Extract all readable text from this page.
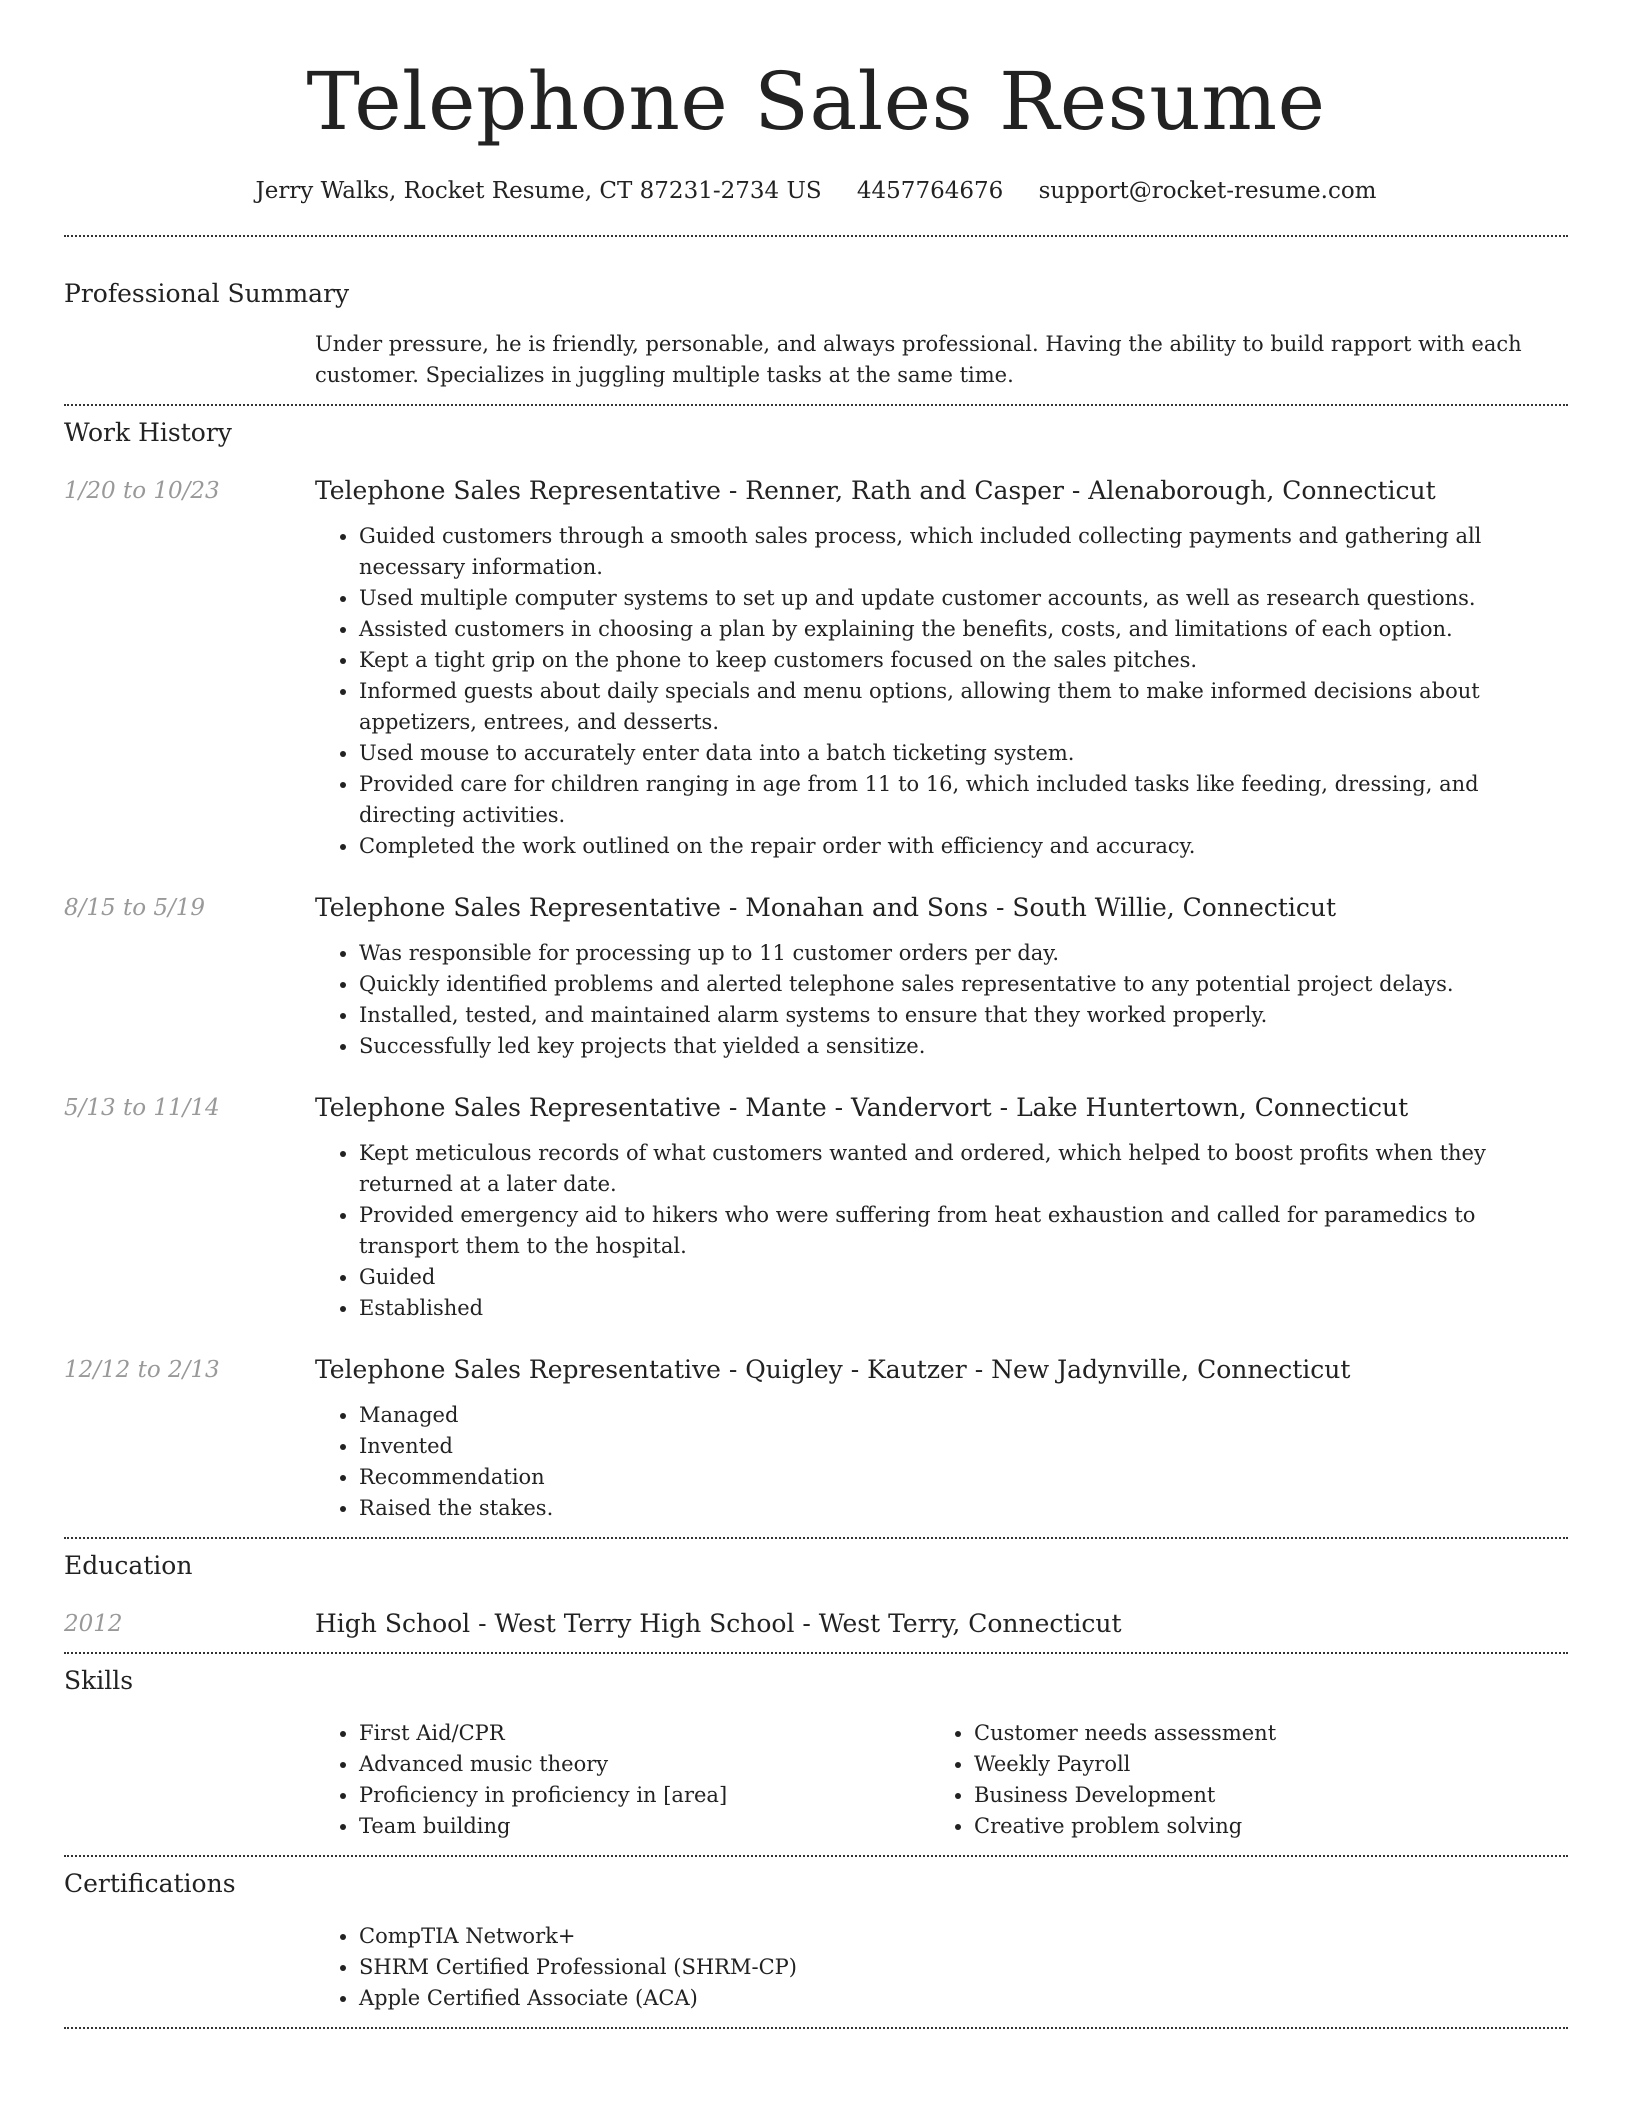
Telephone Sales Resume
Jerry Walks, Rocket Resume, CT 87231-2734 US 4457764676 support@rocket-resume.com
Professional Summary
Under pressure, he is friendly, personable, and always professional. Having the ability to build rapport with each customer. Specializes in juggling multiple tasks at the same time.
Work History
1/20 to 10/23	Telephone Sales Representative - Renner, Rath and Casper - Alenaborough, Connecticut
• Guided customers through a smooth sales process, which included collecting payments and gathering all necessary information.
• Used multiple computer systems to set up and update customer accounts, as well as research questions.
• Assisted customers in choosing a plan by explaining the benefits, costs, and limitations of each option.
• Kept a tight grip on the phone to keep customers focused on the sales pitches.
• Informed guests about daily specials and menu options, allowing them to make informed decisions about appetizers, entrees, and desserts.
• Used mouse to accurately enter data into a batch ticketing system.
• Provided care for children ranging in age from 11 to 16, which included tasks like feeding, dressing, and directing activities.
• Completed the work outlined on the repair order with efficiency and accuracy.
8/15 to 5/19	Telephone Sales Representative - Monahan and Sons - South Willie, Connecticut
• Was responsible for processing up to 11 customer orders per day.
• Quickly identified problems and alerted telephone sales representative to any potential project delays.
• Installed, tested, and maintained alarm systems to ensure that they worked properly.
• Successfully led key projects that yielded a sensitize.
5/13 to 11/14	Telephone Sales Representative - Mante - Vandervort - Lake Huntertown, Connecticut
• Kept meticulous records of what customers wanted and ordered, which helped to boost profits when they returned at a later date.
• Provided emergency aid to hikers who were suffering from heat exhaustion and called for paramedics to transport them to the hospital.
• Guided
• Established
12/12 to 2/13	Telephone Sales Representative - Quigley - Kautzer - New Jadynville, Connecticut
• Managed
• Invented
• Recommendation
• Raised the stakes.
Education
2012	High School - West Terry High School - West Terry, Connecticut
Skills
• First Aid/CPR
• Advanced music theory
• Proficiency in proficiency in [area]
• Team building
• Customer needs assessment
• Weekly Payroll
• Business Development
• Creative problem solving
Certifications
• CompTIA Network+
• SHRM Certified Professional (SHRM-CP)
• Apple Certified Associate (ACA)
